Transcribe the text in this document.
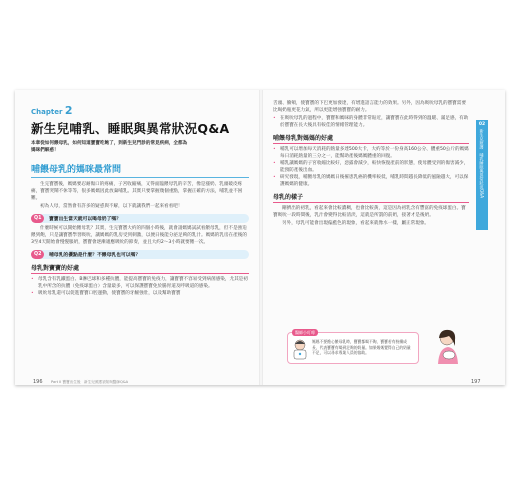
Chapter 2
新生兒哺乳、睡眠與異常狀況Q&A
本章從如何餵母乳，如何知道寶寶吃飽了，到新生兒門診的常見疾病，全都為媽咪們解惑！
哺餵母乳的媽咪最常問

生完寶寶後，媽媽要忍耐傷口的疼痛，子宮收縮痛，又得面臨餵母乳的辛苦，像是漲奶、乳頭破皮疼痛，寶寶哭鬧不休等等，很多媽媽因此放棄哺乳。其實只要掌握幾個重點，掌握正確的方法，哺乳並不困難。

初為人母，當然會有許多的疑惑與不解，以下就讓我們一起來看看吧！

Q1	寶寶出生當天就可以喝母奶了嗎？

什麼時候可以開始餵母乳？其實，生完寶寶大約的四個小時後，就會請媽媽試試看餵母乳，但不是強迫餵到飽，只是讓寶寶學習吸吮，讓媽媽的乳房受到刺激，以便日後能分泌足夠的乳汁。媽媽的乳房在產後的3至4天開始會慢慢脹奶，寶寶會逐漸適應吸吮的節奏，並且大約2～3小時就要餵一次。

Q2	哺母乳的優點是什麼？不餵母乳也可以嗎？
母乳對寶寶的好處

• 母乳含有乳鐵蛋白、B淋巴球和多種抗體，能提高寶寶的免疫力，讓寶寶不容易受到病菌感染，尤其是初乳中所含的抗體（免疫球蛋白）含量最多，可以保護寶寶免於腸胃道及呼吸道的感染。

• 吸吮母乳還可以促進寶寶口腔運動，使寶寶的牙齦強壯，以及幫助寶寶

196 Part II 寶寶出生後　新生兒照護須知與醫師Q&A

舌頭、臉頰，使寶寶的下巴更加發達，有增進語言能力的效果。另外，因為吸吮母乳的寶寶需要比喝奶瓶更花力氣，所以更能增強寶寶的耐力。

• 在吸吮母乳的過程中，寶寶和媽咪的身體非常貼近，讓寶寶在此時得到的溫暖、滿足感，有助於寶寶在長大後具有較佳的情緒管理能力。

哺餵母乳對媽媽的好處

• 哺乳可以增加每天消耗的熱量多達500大卡，大約等於一份身高160公分、體重50公斤的媽媽每日消耗熱量的三分之一，能幫助產後媽媽體重的回復。

• 哺乳讓媽媽的子宮收縮比較好，惡露會減少，較快恢復產前的狀態，使母體受到的傷害減少，能預防產後出血。

• 研究發現，哺餵母乳的媽媽日後罹患乳癌的機率較低，哺乳時間越長降低的風險越大，可以保護媽媽的健康。

母乳的樣子

剛擠出的初乳，看起來會比較濃稠，也會比較黃，這是因為初乳含有豐富的免疫球蛋白。寶寶吸吮一段時間後，乳汁會變得比較清淡，這就是所謂的前奶，接著才是後奶。

另外，母乳可能會出現偏藍色的現象，看起來就像水一樣，屬正常現象。

醫師小叮嚀
媽媽不要擔心餵母乳時，寶寶都喝不夠，寶寶若有持續成長，代表寶寶有喝到足夠的奶量。如果媽媽覺得自己的奶量不足，可以尋求專業人員的協助。
197
02
新生兒照護　哺乳睡眠與異常狀況Q&A
